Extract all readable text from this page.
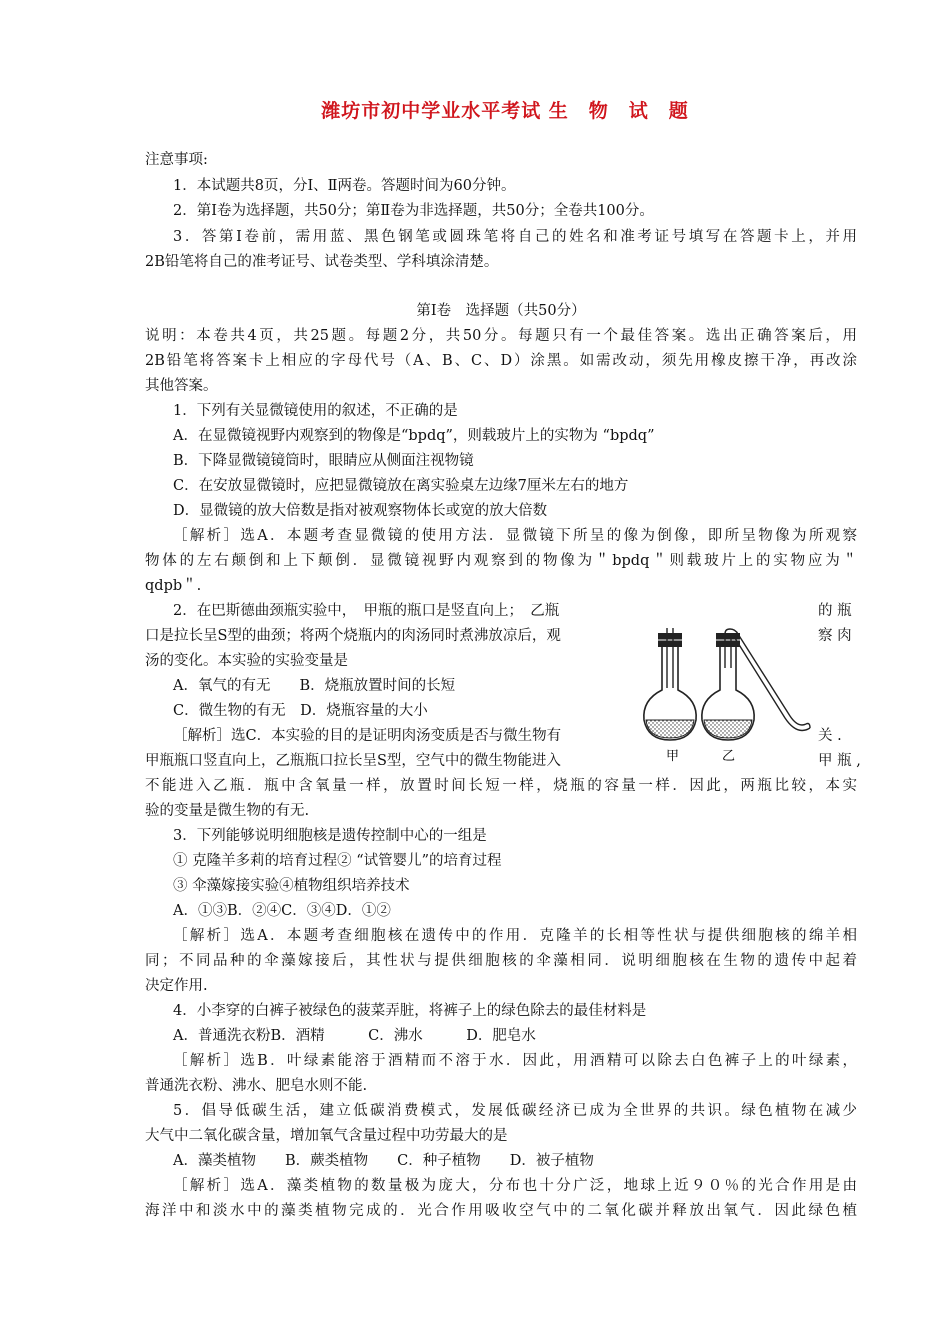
潍坊市初中学业水平考试 生　物　试　题
注意事项:
1．本试题共8页，分Ⅰ、Ⅱ两卷。答题时间为60分钟。
2．第Ⅰ卷为选择题，共50分；第Ⅱ卷为非选择题，共50分；全卷共100分。
3．答第Ⅰ卷前，需用蓝、黑色钢笔或圆珠笔将自己的姓名和准考证号填写在答题卡上，并用
2B铅笔将自己的准考证号、试卷类型、学科填涂清楚。
第Ⅰ卷　选择题（共50分）
说明：本卷共4页，共25题。每题2分，共50分。每题只有一个最佳答案。选出正确答案后，用
2B铅笔将答案卡上相应的字母代号（A、B、C、D）涂黑。如需改动，须先用橡皮擦干净，再改涂
其他答案。
1．下列有关显微镜使用的叙述，不正确的是
A．在显微镜视野内观察到的物像是“bpdq”，则载玻片上的实物为 “bpdq”
B．下降显微镜镜筒时，眼睛应从侧面注视物镜
C．在安放显微镜时，应把显微镜放在离实验桌左边缘7厘米左右的地方
D．显微镜的放大倍数是指对被观察物体长或宽的放大倍数
［解析］选A．本题考查显微镜的使用方法．显微镜下所呈的像为倒像，即所呈物像为所观察
物体的左右颠倒和上下颠倒．显微镜视野内观察到的物像为＂bpdq＂则载玻片上的实物应为＂
qdpb＂.
2．在巴斯德曲颈瓶实验中，　甲瓶的瓶口是竖直向上；　乙瓶	的 瓶
口是拉长呈S型的曲颈；将两个烧瓶内的肉汤同时煮沸放凉后，观	察 肉
汤的变化。本实验的实验变量是
A．氧气的有无　　B．烧瓶放置时间的长短
C．微生物的有无　D．烧瓶容量的大小
［解析］选C．本实验的目的是证明肉汤变质是否与微生物有	关 .
甲瓶瓶口竖直向上，乙瓶瓶口拉长呈S型，空气中的微生物能进入	甲 瓶 ,
不能进入乙瓶．瓶中含氧量一样，放置时间长短一样，烧瓶的容量一样．因此，两瓶比较，本实
验的变量是微生物的有无.
甲	乙
3．下列能够说明细胞核是遗传控制中心的一组是
① 克隆羊多莉的培育过程② “试管婴儿”的培育过程
③ 伞藻嫁接实验④植物组织培养技术
A．①③B．②④C．③④D．①②
［解析］选A．本题考查细胞核在遗传中的作用．克隆羊的长相等性状与提供细胞核的绵羊相
同；不同品种的伞藻嫁接后，其性状与提供细胞核的伞藻相同．说明细胞核在生物的遗传中起着
决定作用.
4．小李穿的白裤子被绿色的菠菜弄脏，将裤子上的绿色除去的最佳材料是
A．普通洗衣粉B．酒精　　　C．沸水　　　D．肥皂水
［解析］选B．叶绿素能溶于酒精而不溶于水．因此，用酒精可以除去白色裤子上的叶绿素，
普通洗衣粉、沸水、肥皂水则不能.
5．倡导低碳生活，建立低碳消费模式，发展低碳经济已成为全世界的共识。绿色植物在减少
大气中二氧化碳含量，增加氧气含量过程中功劳最大的是
A．藻类植物　　B．蕨类植物　　C．种子植物　　D．被子植物
［解析］选A．藻类植物的数量极为庞大，分布也十分广泛，地球上近９０％的光合作用是由
海洋中和淡水中的藻类植物完成的．光合作用吸收空气中的二氧化碳并释放出氧气．因此绿色植
